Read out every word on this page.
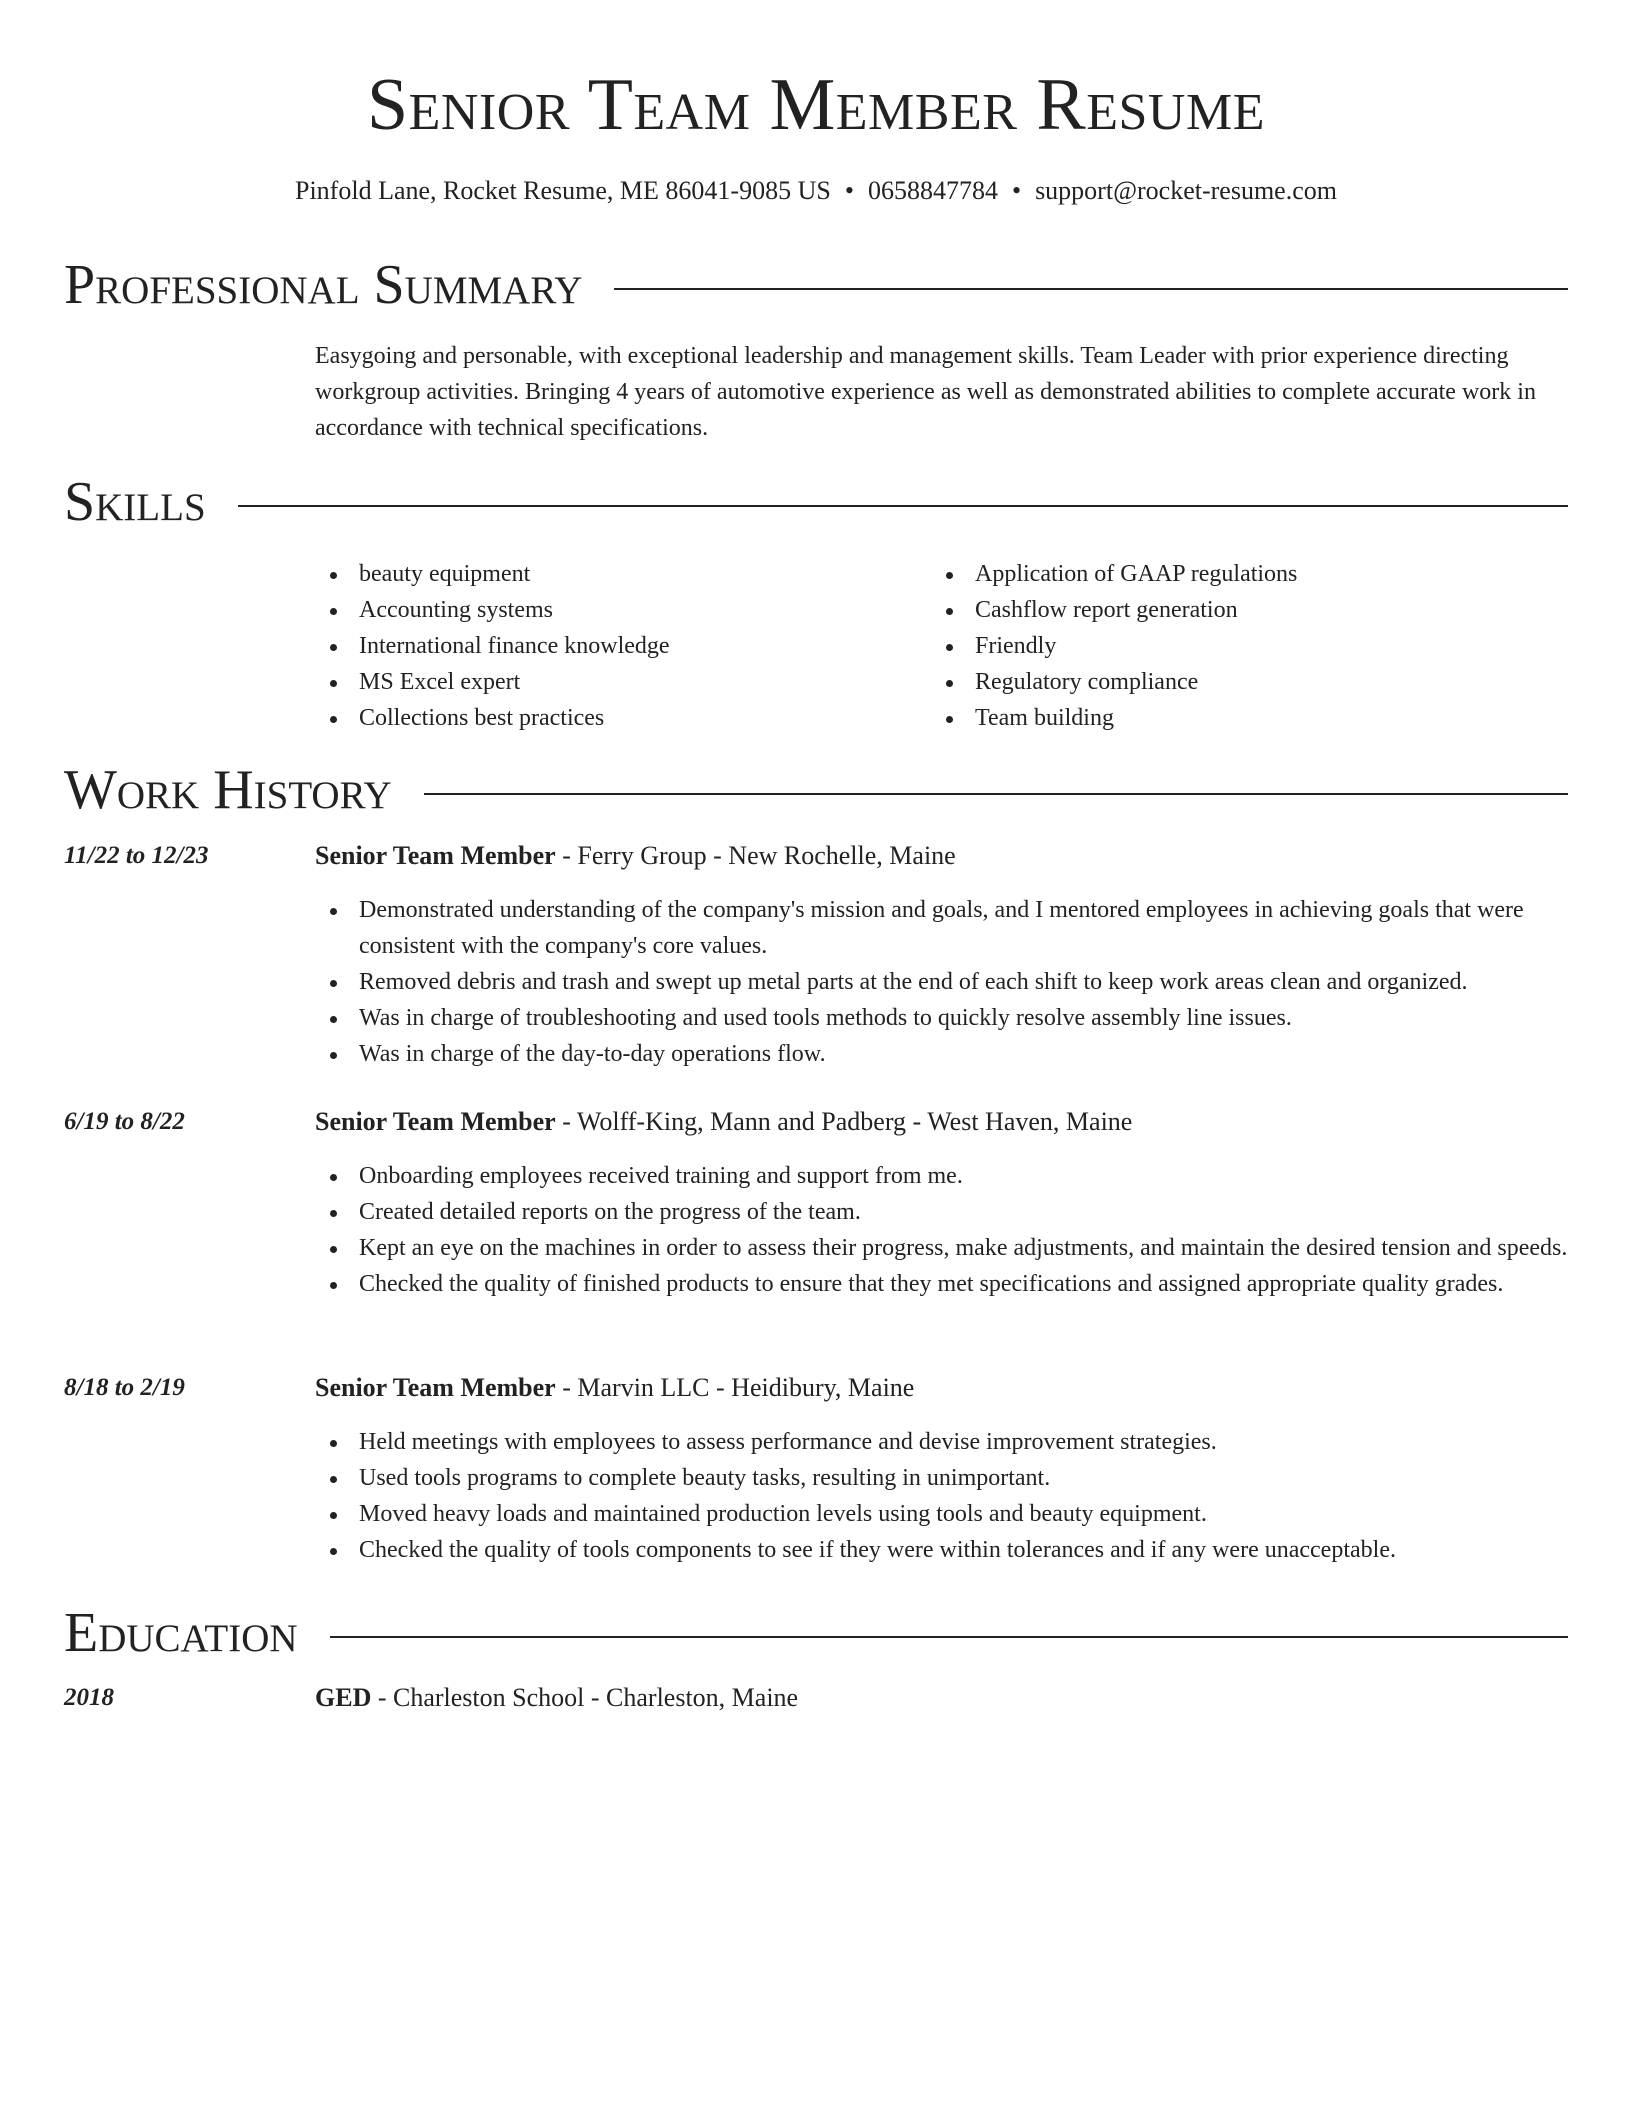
Senior Team Member Resume
Pinfold Lane, Rocket Resume, ME 86041-9085 US • 0658847784 • support@rocket-resume.com
Professional Summary

Easygoing and personable, with exceptional leadership and management skills. Team Leader with prior experience directing workgroup activities. Bringing 4 years of automotive experience as well as demonstrated abilities to complete accurate work in accordance with technical specifications.

Skills
beauty equipment
Accounting systems
International finance knowledge
MS Excel expert
Collections best practices
Application of GAAP regulations
Cashflow report generation
Friendly
Regulatory compliance
Team building
Work History
11/22 to 12/23	Senior Team Member - Ferry Group - New Rochelle, Maine
Demonstrated understanding of the company's mission and goals, and I mentored employees in achieving goals that were consistent with the company's core values.
Removed debris and trash and swept up metal parts at the end of each shift to keep work areas clean and organized.
Was in charge of troubleshooting and used tools methods to quickly resolve assembly line issues.
Was in charge of the day-to-day operations flow.
6/19 to 8/22	Senior Team Member - Wolff-King, Mann and Padberg - West Haven, Maine
Onboarding employees received training and support from me.
Created detailed reports on the progress of the team.
Kept an eye on the machines in order to assess their progress, make adjustments, and maintain the desired tension and speeds.
Checked the quality of finished products to ensure that they met specifications and assigned appropriate quality grades.
8/18 to 2/19	Senior Team Member - Marvin LLC - Heidibury, Maine
Held meetings with employees to assess performance and devise improvement strategies.
Used tools programs to complete beauty tasks, resulting in unimportant.
Moved heavy loads and maintained production levels using tools and beauty equipment.
Checked the quality of tools components to see if they were within tolerances and if any were unacceptable.
Education
2018	GED - Charleston School - Charleston, Maine
